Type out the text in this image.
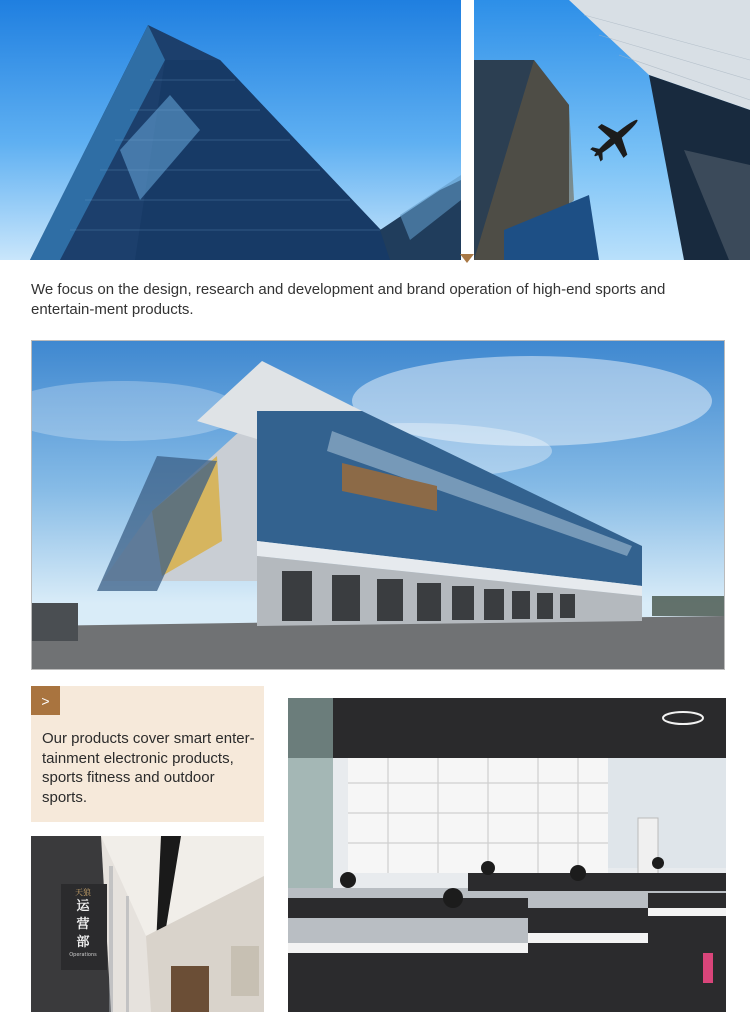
We focus on the design, research and development and brand operation of high-end sports and entertain-ment products.

>

Our products cover smart enter-tainment electronic products, sports fitness and outdoor sports.

天狼
运
营
部
Operations
